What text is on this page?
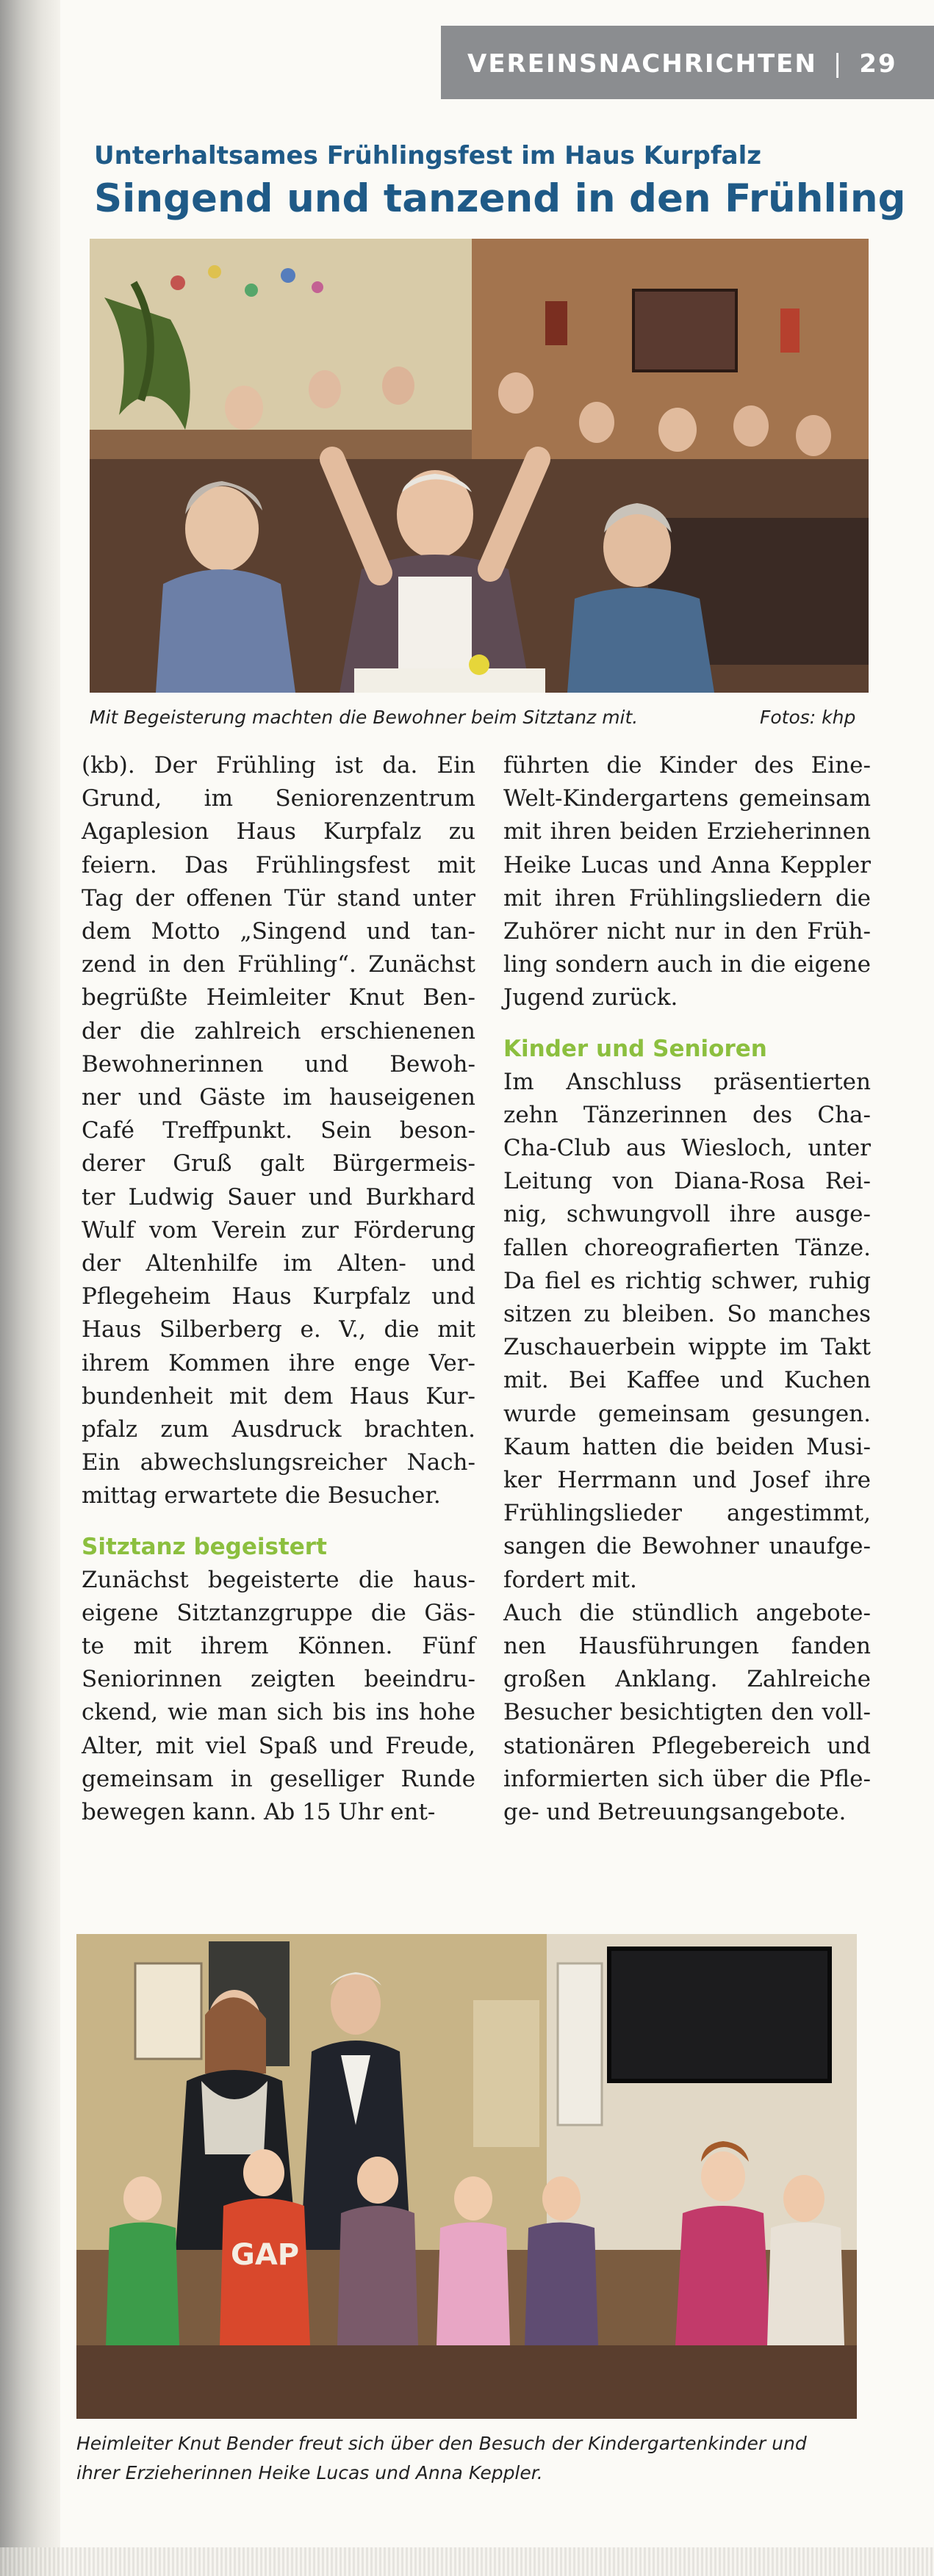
VEREINSNACHRICHTEN | 29
Unterhaltsames Frühlingsfest im Haus Kurpfalz
Singend und tanzend in den Frühling
Mit Begeisterung machten die Bewohner beim Sitztanz mit.	Fotos: khp
(kb). Der Frühling ist da. Ein
Grund, im Seniorenzentrum
Agaplesion Haus Kurpfalz zu
feiern. Das Frühlingsfest mit
Tag der offenen Tür stand unter
dem Motto „Singend und tan-
zend in den Frühling“. Zunächst
begrüßte Heimleiter Knut Ben-
der die zahlreich erschienenen
Bewohnerinnen und Bewoh-
ner und Gäste im hauseigenen
Café Treffpunkt. Sein beson-
derer Gruß galt Bürgermeis-
ter Ludwig Sauer und Burkhard
Wulf vom Verein zur Förderung
der Altenhilfe im Alten- und
Pflegeheim Haus Kurpfalz und
Haus Silberberg e. V., die mit
ihrem Kommen ihre enge Ver-
bundenheit mit dem Haus Kur-
pfalz zum Ausdruck brachten.
Ein abwechslungsreicher Nach-
mittag erwartete die Besucher.
Sitztanz begeistert
Zunächst begeisterte die haus-
eigene Sitztanzgruppe die Gäs-
te mit ihrem Können. Fünf
Seniorinnen zeigten beeindru-
ckend, wie man sich bis ins hohe
Alter, mit viel Spaß und Freude,
gemeinsam in geselliger Runde
bewegen kann. Ab 15 Uhr ent-
führten die Kinder des Eine-
Welt-Kindergartens gemeinsam
mit ihren beiden Erzieherinnen
Heike Lucas und Anna Keppler
mit ihren Frühlingsliedern die
Zuhörer nicht nur in den Früh-
ling sondern auch in die eigene
Jugend zurück.
Kinder und Senioren
Im Anschluss präsentierten
zehn Tänzerinnen des Cha-
Cha-Club aus Wiesloch, unter
Leitung von Diana-Rosa Rei-
nig, schwungvoll ihre ausge-
fallen choreografierten Tänze.
Da fiel es richtig schwer, ruhig
sitzen zu bleiben. So manches
Zuschauerbein wippte im Takt
mit. Bei Kaffee und Kuchen
wurde gemeinsam gesungen.
Kaum hatten die beiden Musi-
ker Herrmann und Josef ihre
Frühlingslieder angestimmt,
sangen die Bewohner unaufge-
fordert mit.
Auch die stündlich angebote-
nen Hausführungen fanden
großen Anklang. Zahlreiche
Besucher besichtigten den voll-
stationären Pflegebereich und
informierten sich über die Pfle-
ge- und Betreuungsangebote.
GAP
Heimleiter Knut Bender freut sich über den Besuch der Kindergartenkinder und
ihrer Erzieherinnen Heike Lucas und Anna Keppler.
